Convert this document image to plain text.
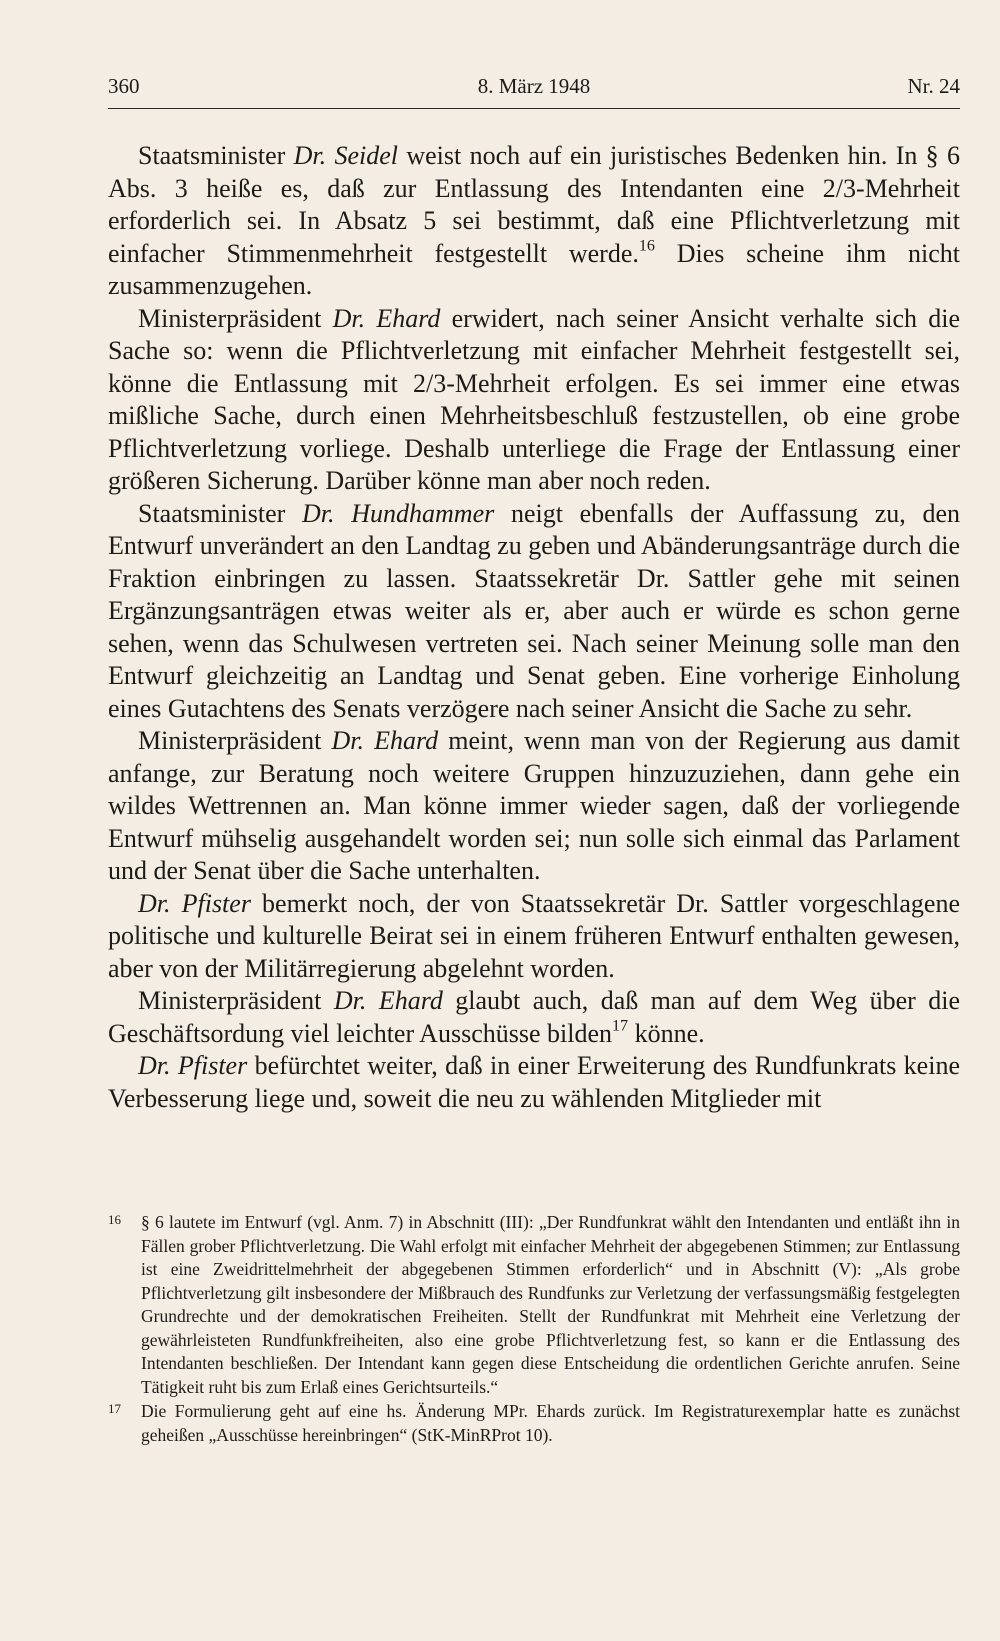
360	8. März 1948	Nr. 24

Staatsminister Dr. Seidel weist noch auf ein juristisches Bedenken hin. In § 6 Abs. 3 heiße es, daß zur Entlassung des Intendanten eine 2/3-Mehrheit erforderlich sei. In Absatz 5 sei bestimmt, daß eine Pflichtverletzung mit einfacher Stimmenmehrheit festgestellt werde.$^{16}$ Dies scheine ihm nicht zusammenzugehen.

Ministerpräsident Dr. Ehard erwidert, nach seiner Ansicht verhalte sich die Sache so: wenn die Pflichtverletzung mit einfacher Mehrheit festgestellt sei, könne die Entlassung mit 2/3-Mehrheit erfolgen. Es sei immer eine etwas mißliche Sache, durch einen Mehrheitsbeschluß festzustellen, ob eine grobe Pflichtverletzung vorliege. Deshalb unterliege die Frage der Entlassung einer größeren Sicherung. Darüber könne man aber noch reden.

Staatsminister Dr. Hundhammer neigt ebenfalls der Auffassung zu, den Entwurf unverändert an den Landtag zu geben und Abänderungsanträge durch die Fraktion einbringen zu lassen. Staatssekretär Dr. Sattler gehe mit seinen Ergänzungsanträgen etwas weiter als er, aber auch er würde es schon gerne sehen, wenn das Schulwesen vertreten sei. Nach seiner Meinung solle man den Entwurf gleichzeitig an Landtag und Senat geben. Eine vorherige Einholung eines Gutachtens des Senats verzögere nach seiner Ansicht die Sache zu sehr.

Ministerpräsident Dr. Ehard meint, wenn man von der Regierung aus damit anfange, zur Beratung noch weitere Gruppen hinzuzuziehen, dann gehe ein wildes Wettrennen an. Man könne immer wieder sagen, daß der vorliegende Entwurf mühselig ausgehandelt worden sei; nun solle sich einmal das Parlament und der Senat über die Sache unterhalten.

Dr. Pfister bemerkt noch, der von Staatssekretär Dr. Sattler vorgeschlagene politische und kulturelle Beirat sei in einem früheren Entwurf enthalten gewesen, aber von der Militärregierung abgelehnt worden.

Ministerpräsident Dr. Ehard glaubt auch, daß man auf dem Weg über die Geschäftsordung viel leichter Ausschüsse bilden$^{17}$ könne.

Dr. Pfister befürchtet weiter, daß in einer Erweiterung des Rundfunkrats keine Verbesserung liege und, soweit die neu zu wählenden Mitglieder mit

16 § 6 lautete im Entwurf (vgl. Anm. 7) in Abschnitt (III): „Der Rundfunkrat wählt den Intendanten und entläßt ihn in Fällen grober Pflichtverletzung. Die Wahl erfolgt mit einfacher Mehrheit der abgegebenen Stimmen; zur Entlassung ist eine Zweidrittelmehrheit der abgegebenen Stimmen erforderlich“ und in Abschnitt (V): „Als grobe Pflichtverletzung gilt insbesondere der Mißbrauch des Rundfunks zur Verletzung der verfassungsmäßig festgelegten Grundrechte und der demokratischen Freiheiten. Stellt der Rundfunkrat mit Mehrheit eine Verletzung der gewährleisteten Rundfunkfreiheiten, also eine grobe Pflichtverletzung fest, so kann er die Entlassung des Intendanten beschließen. Der Intendant kann gegen diese Entscheidung die ordentlichen Gerichte anrufen. Seine Tätigkeit ruht bis zum Erlaß eines Gerichtsurteils.“
17 Die Formulierung geht auf eine hs. Änderung MPr. Ehards zurück. Im Registraturexemplar hatte es zunächst geheißen „Ausschüsse hereinbringen“ (StK-MinRProt 10).
